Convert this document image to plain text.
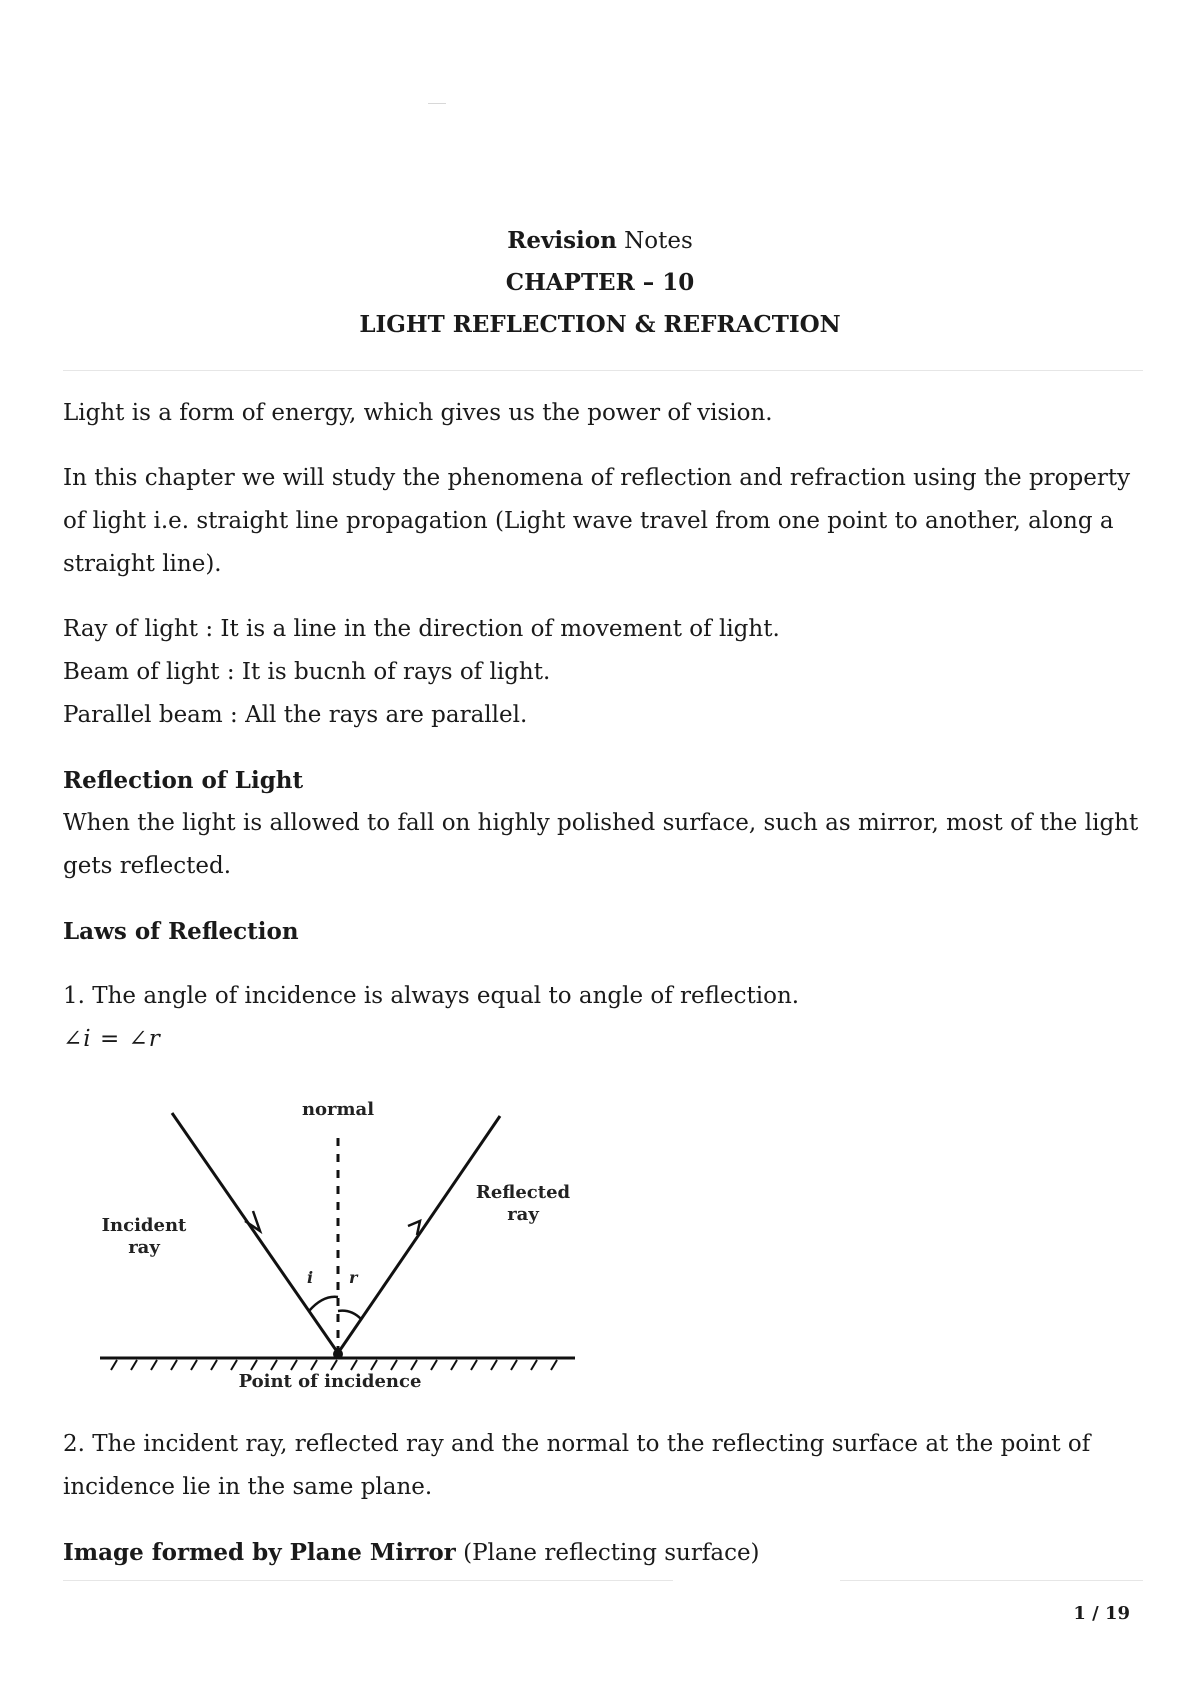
Revision Notes
CHAPTER – 10
LIGHT REFLECTION & REFRACTION

Light is a form of energy, which gives us the power of vision.

In this chapter we will study the phenomena of reflection and refraction using the property

of light i.e. straight line propagation (Light wave travel from one point to another, along a

straight line).

Ray of light : It is a line in the direction of movement of light.

Beam of light : It is bucnh of rays of light.

Parallel beam : All the rays are parallel.

Reflection of Light

When the light is allowed to fall on highly polished surface, such as mirror, most of the light

gets reflected.

Laws of Reflection

1. The angle of incidence is always equal to angle of reflection.

∠i = ∠r

normal
Incident
ray
Reflected
ray
i r
Point of incidence

2. The incident ray, reflected ray and the normal to the reflecting surface at the point of

incidence lie in the same plane.

Image formed by Plane Mirror (Plane reflecting surface)

1 / 19
